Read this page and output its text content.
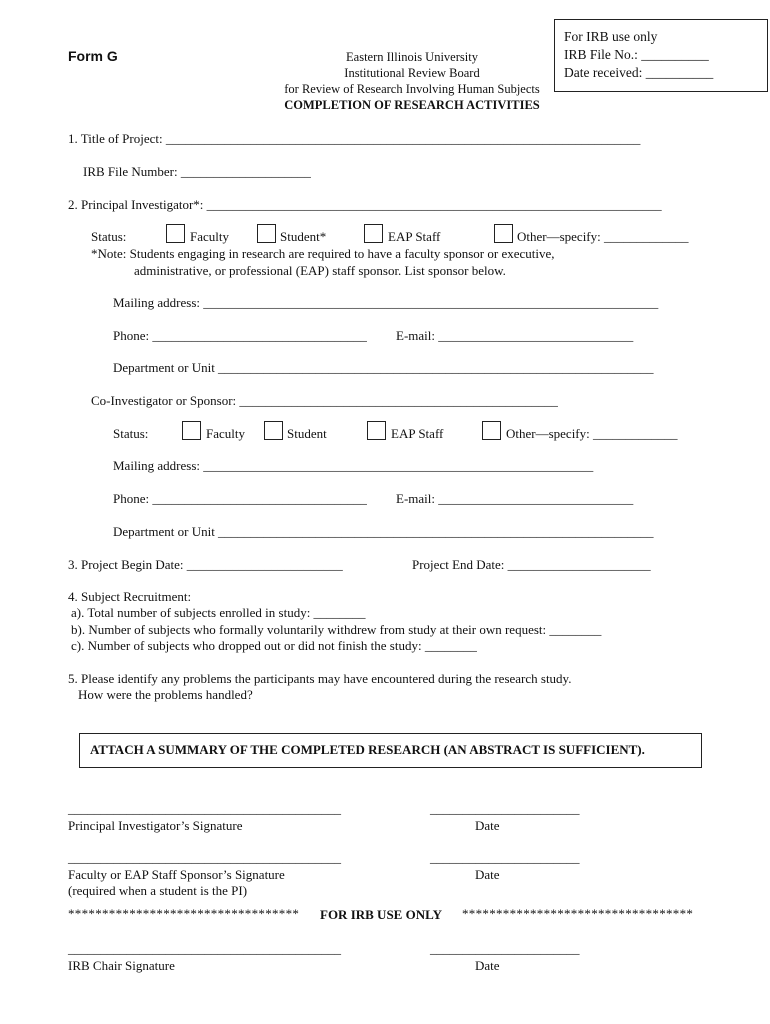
Form G	Eastern Illinois University
Institutional Review Board
for Review of Research Involving Human Subjects
COMPLETION OF RESEARCH ACTIVITIES
For IRB use only
IRB File No.: __________
Date received: __________
1. Title of Project: _________________________________________________________________________
IRB File Number: ____________________
2. Principal Investigator*: ______________________________________________________________________
Status:	Faculty	Student*	EAP Staff	Other—specify: _____________
*Note: Students engaging in research are required to have a faculty sponsor or executive,
administrative, or professional (EAP) staff sponsor. List sponsor below.
Mailing address: ______________________________________________________________________
Phone: _________________________________ E-mail: ______________________________
Department or Unit ___________________________________________________________________
Co-Investigator or Sponsor: _________________________________________________
Status:	Faculty	Student	EAP Staff	Other—specify: _____________
Mailing address: ____________________________________________________________
Phone: _________________________________ E-mail: ______________________________
Department or Unit ___________________________________________________________________
3. Project Begin Date: ________________________	Project End Date: ______________________
4. Subject Recruitment:
a). Total number of subjects enrolled in study: ________
b). Number of subjects who formally voluntarily withdrew from study at their own request: ________
c). Number of subjects who dropped out or did not finish the study: ________
5. Please identify any problems the participants may have encountered during the research study.
How were the problems handled?
ATTACH A SUMMARY OF THE COMPLETED RESEARCH (AN ABSTRACT IS SUFFICIENT).
__________________________________________	_______________________
Principal Investigator’s Signature	Date
__________________________________________	_______________________
Faculty or EAP Staff Sponsor’s Signature	Date
(required when a student is the PI)
********************************** FOR IRB USE ONLY **********************************
__________________________________________	_______________________
IRB Chair Signature	Date
